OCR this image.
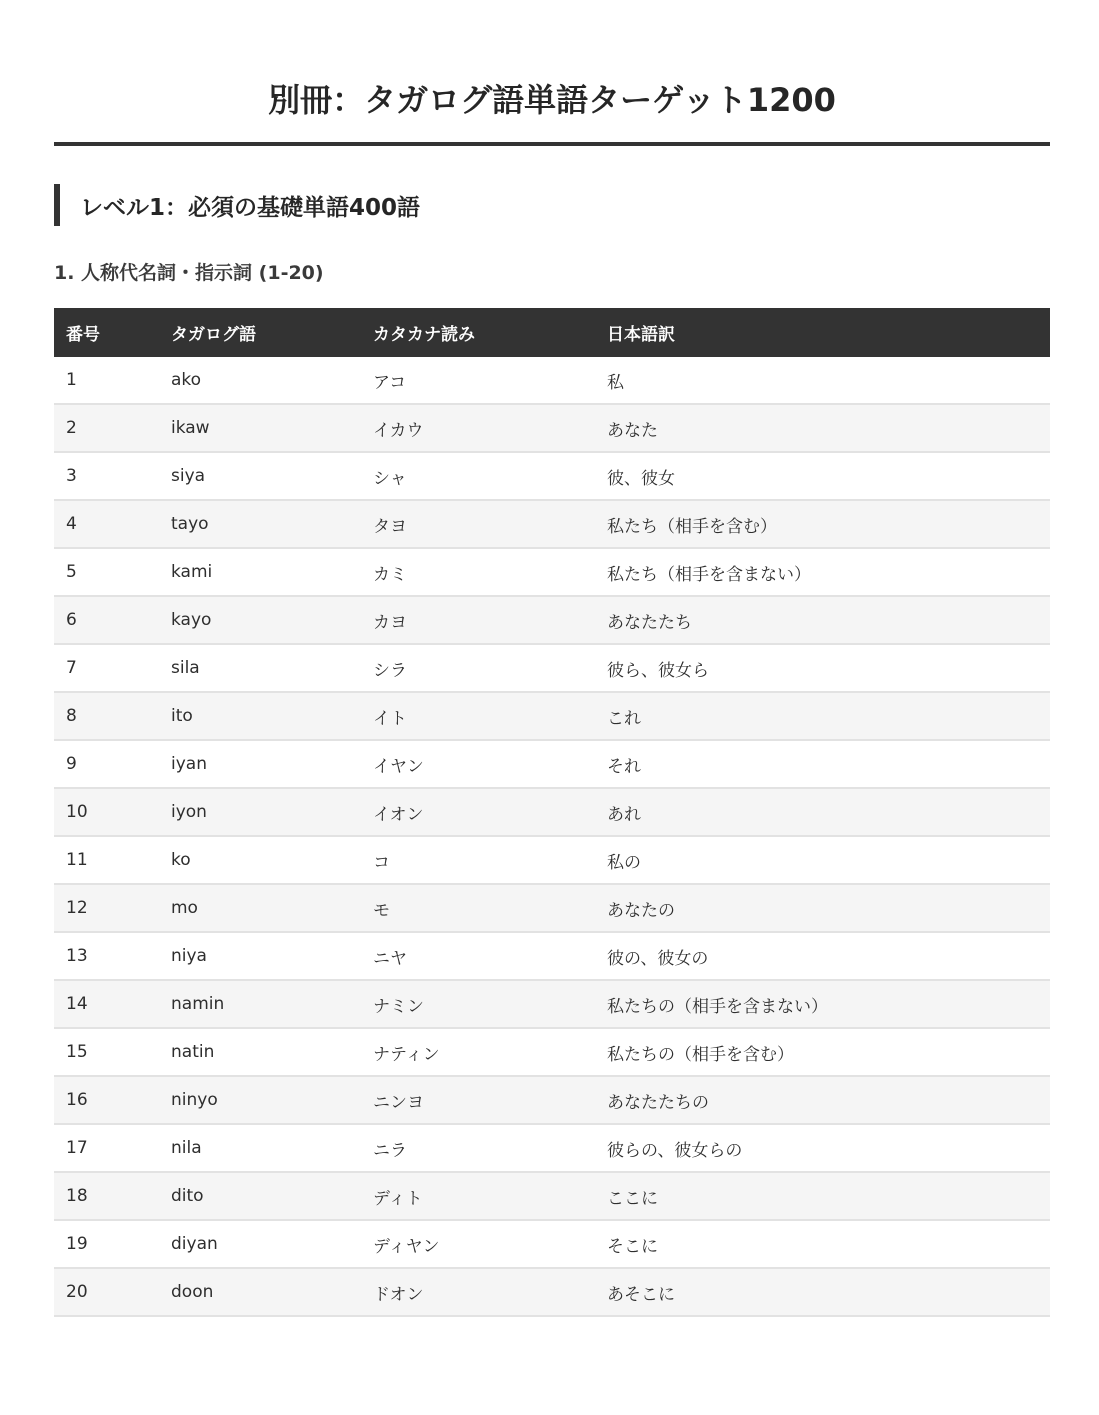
別冊：タガログ語単語ターゲット1200
レベル1：必須の基礎単語400語
1. 人称代名詞・指示詞 (1-20)
番号	タガログ語	カタカナ読み	日本語訳
1	ako	アコ	私
2	ikaw	イカウ	あなた
3	siya	シャ	彼、彼女
4	tayo	タヨ	私たち（相手を含む）
5	kami	カミ	私たち（相手を含まない）
6	kayo	カヨ	あなたたち
7	sila	シラ	彼ら、彼女ら
8	ito	イト	これ
9	iyan	イヤン	それ
10	iyon	イオン	あれ
11	ko	コ	私の
12	mo	モ	あなたの
13	niya	ニヤ	彼の、彼女の
14	namin	ナミン	私たちの（相手を含まない）
15	natin	ナティン	私たちの（相手を含む）
16	ninyo	ニンヨ	あなたたちの
17	nila	ニラ	彼らの、彼女らの
18	dito	ディト	ここに
19	diyan	ディヤン	そこに
20	doon	ドオン	あそこに
